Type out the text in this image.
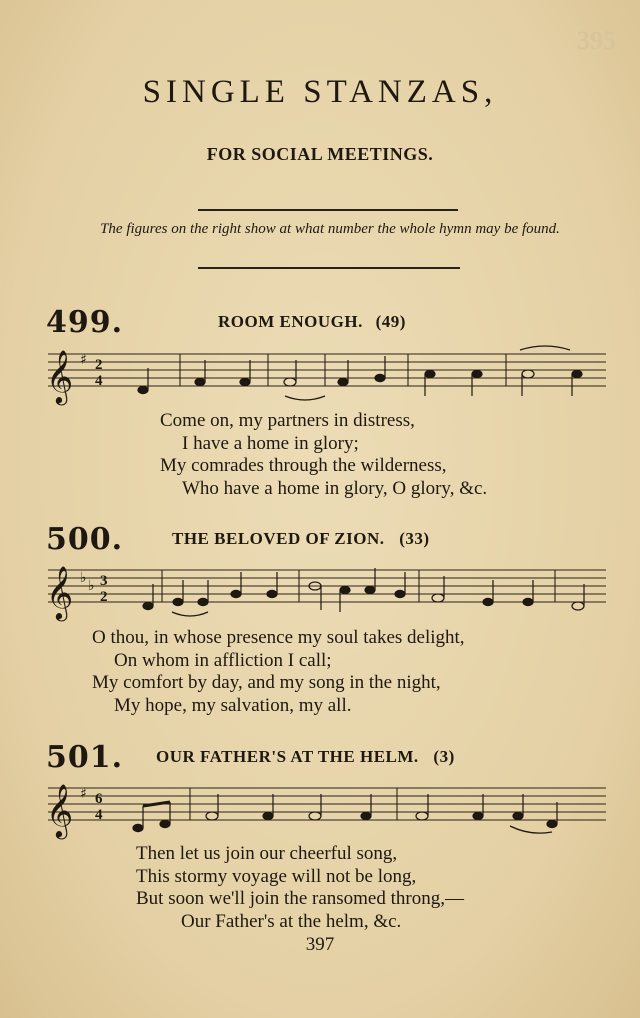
395
SINGLE STANZAS,
FOR SOCIAL MEETINGS.
The figures on the right show at what number the whole hymn may be found.
499.	ROOM ENOUGH. (49)
𝄞 ♯ 2
4
Come on, my partners in distress,
I have a home in glory;
My comrades through the wilderness,
Who have a home in glory, O glory, &c.
500.	THE BELOVED OF ZION. (33)
𝄞 ♭ ♭ 3
2
O thou, in whose presence my soul takes delight,
On whom in affliction I call;
My comfort by day, and my song in the night,
My hope, my salvation, my all.
501. OUR FATHER'S AT THE HELM. (3)
𝄞 ♯ 6
4
Then let us join our cheerful song,
This stormy voyage will not be long,
But soon we'll join the ransomed throng,—
Our Father's at the helm, &c.
397
